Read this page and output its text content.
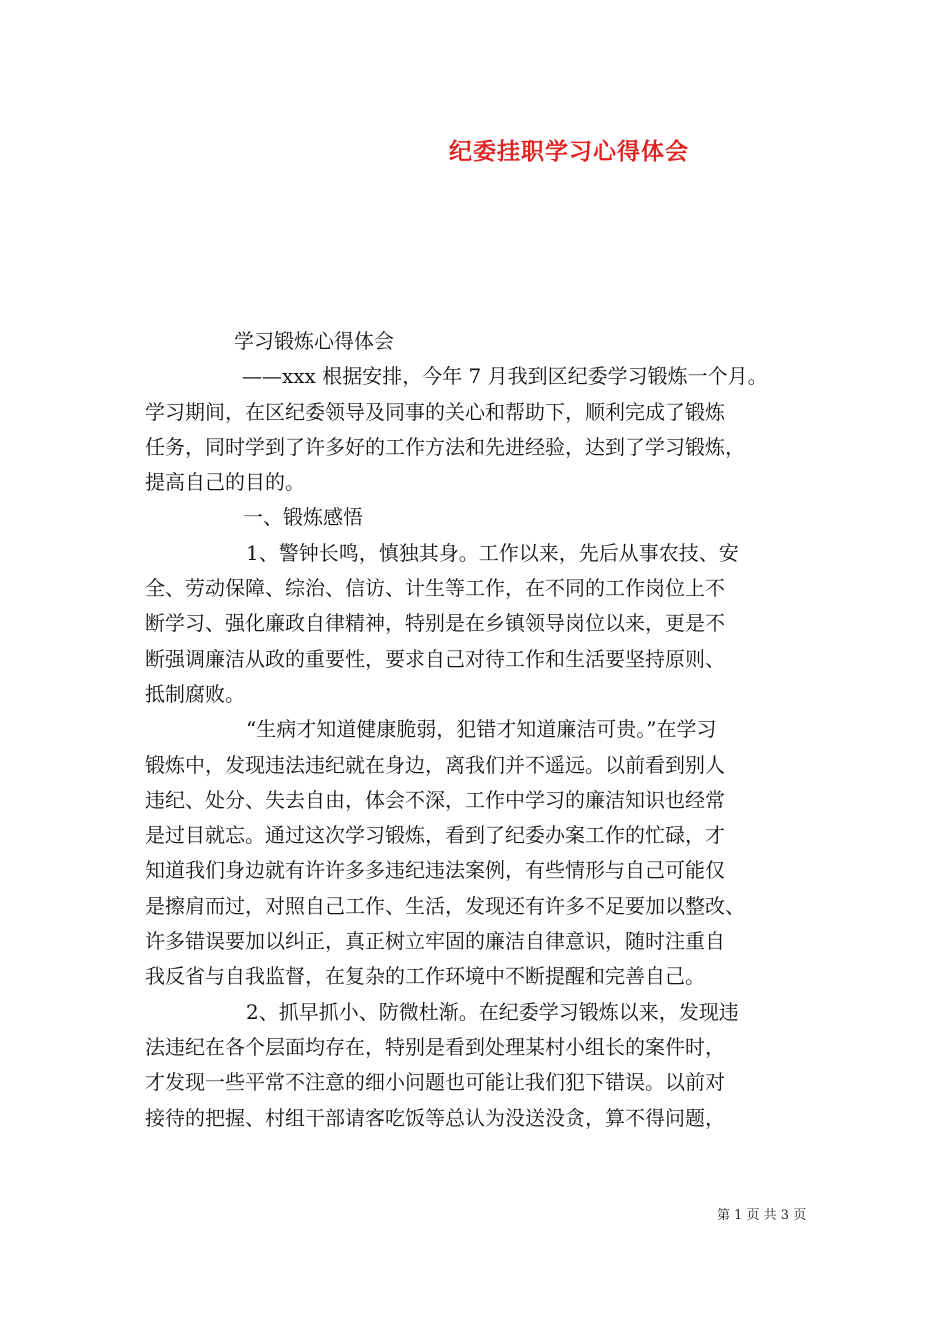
纪委挂职学习心得体会
学习锻炼心得体会
——xxx 根据安排，今年 7 月我到区纪委学习锻炼一个月。
学习期间，在区纪委领导及同事的关心和帮助下，顺利完成了锻炼
任务，同时学到了许多好的工作方法和先进经验，达到了学习锻炼，
提高自己的目的。
一、锻炼感悟
1、警钟长鸣，慎独其身。工作以来，先后从事农技、安
全、劳动保障、综治、信访、计生等工作，在不同的工作岗位上不
断学习、强化廉政自律精神，特别是在乡镇领导岗位以来，更是不
断强调廉洁从政的重要性，要求自己对待工作和生活要坚持原则、
抵制腐败。
“生病才知道健康脆弱，犯错才知道廉洁可贵。”在学习
锻炼中，发现违法违纪就在身边，离我们并不遥远。以前看到别人
违纪、处分、失去自由，体会不深，工作中学习的廉洁知识也经常
是过目就忘。通过这次学习锻炼，看到了纪委办案工作的忙碌，才
知道我们身边就有许许多多违纪违法案例，有些情形与自己可能仅
是擦肩而过，对照自己工作、生活，发现还有许多不足要加以整改、
许多错误要加以纠正，真正树立牢固的廉洁自律意识，随时注重自
我反省与自我监督，在复杂的工作环境中不断提醒和完善自己。
2、抓早抓小、防微杜渐。在纪委学习锻炼以来，发现违
法违纪在各个层面均存在，特别是看到处理某村小组长的案件时，
才发现一些平常不注意的细小问题也可能让我们犯下错误。以前对
接待的把握、村组干部请客吃饭等总认为没送没贪，算不得问题，
第 1 页 共 3 页
